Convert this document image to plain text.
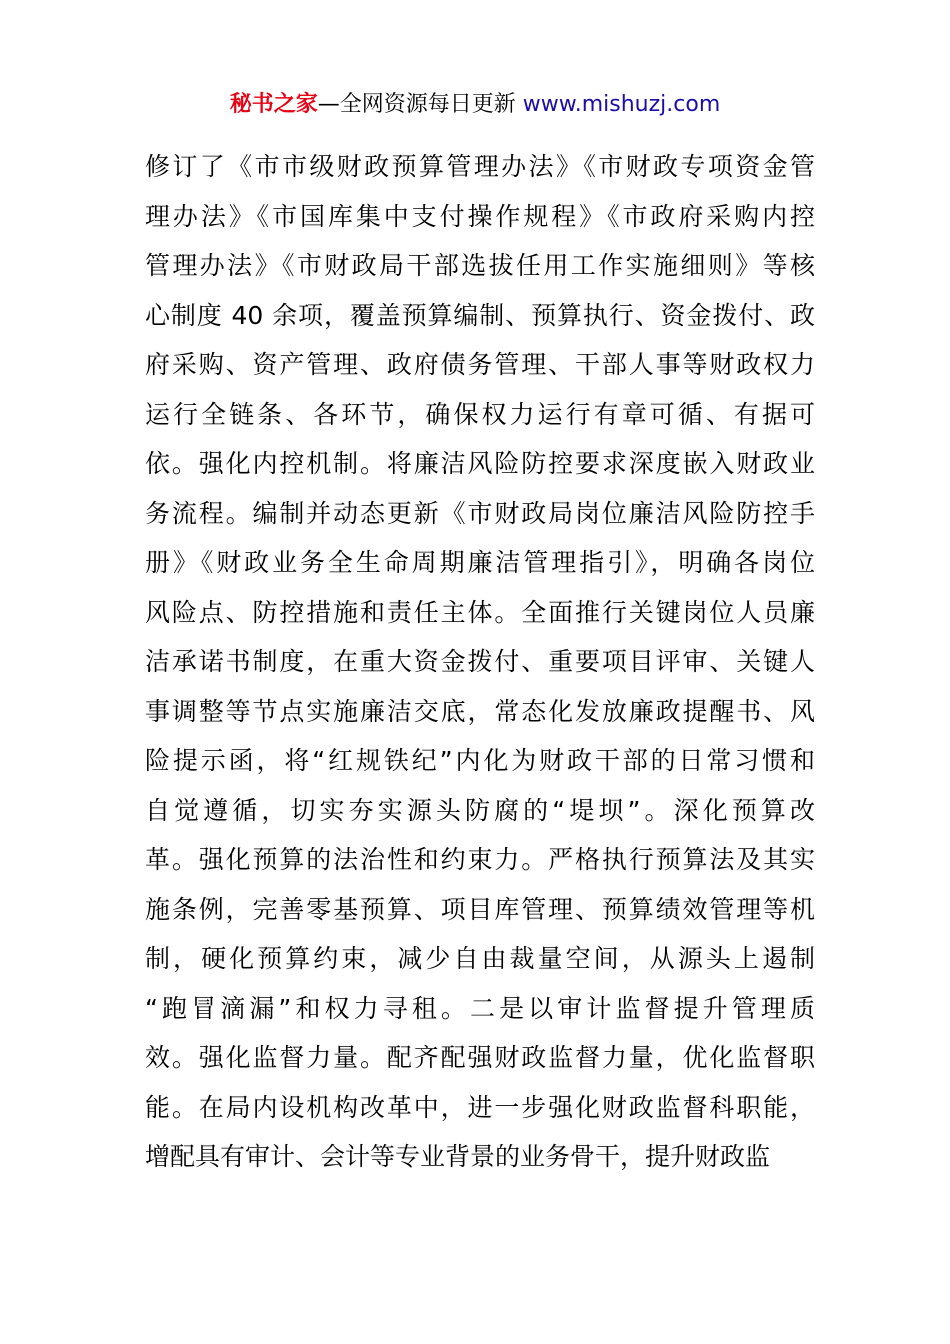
秘书之家—全网资源每日更新 www.mishuzj.com
修订了《市市级财政预算管理办法》《市财政专项资金管
理办法》《市国库集中支付操作规程》《市政府采购内控
管理办法》《市财政局干部选拔任用工作实施细则》等核
心制度 40 余项，覆盖预算编制、预算执行、资金拨付、政
府采购、资产管理、政府债务管理、干部人事等财政权力
运行全链条、各环节，确保权力运行有章可循、有据可
依。强化内控机制。将廉洁风险防控要求深度嵌入财政业
务流程。编制并动态更新《市财政局岗位廉洁风险防控手
册》《财政业务全生命周期廉洁管理指引》，明确各岗位
风险点、防控措施和责任主体。全面推行关键岗位人员廉
洁承诺书制度，在重大资金拨付、重要项目评审、关键人
事调整等节点实施廉洁交底，常态化发放廉政提醒书、风
险提示函，将“红规铁纪”内化为财政干部的日常习惯和
自觉遵循，切实夯实源头防腐的“堤坝”。深化预算改
革。强化预算的法治性和约束力。严格执行预算法及其实
施条例，完善零基预算、项目库管理、预算绩效管理等机
制，硬化预算约束，减少自由裁量空间，从源头上遏制
“跑冒滴漏”和权力寻租。二是以审计监督提升管理质
效。强化监督力量。配齐配强财政监督力量，优化监督职
能。在局内设机构改革中，进一步强化财政监督科职能，
增配具有审计、会计等专业背景的业务骨干，提升财政监
